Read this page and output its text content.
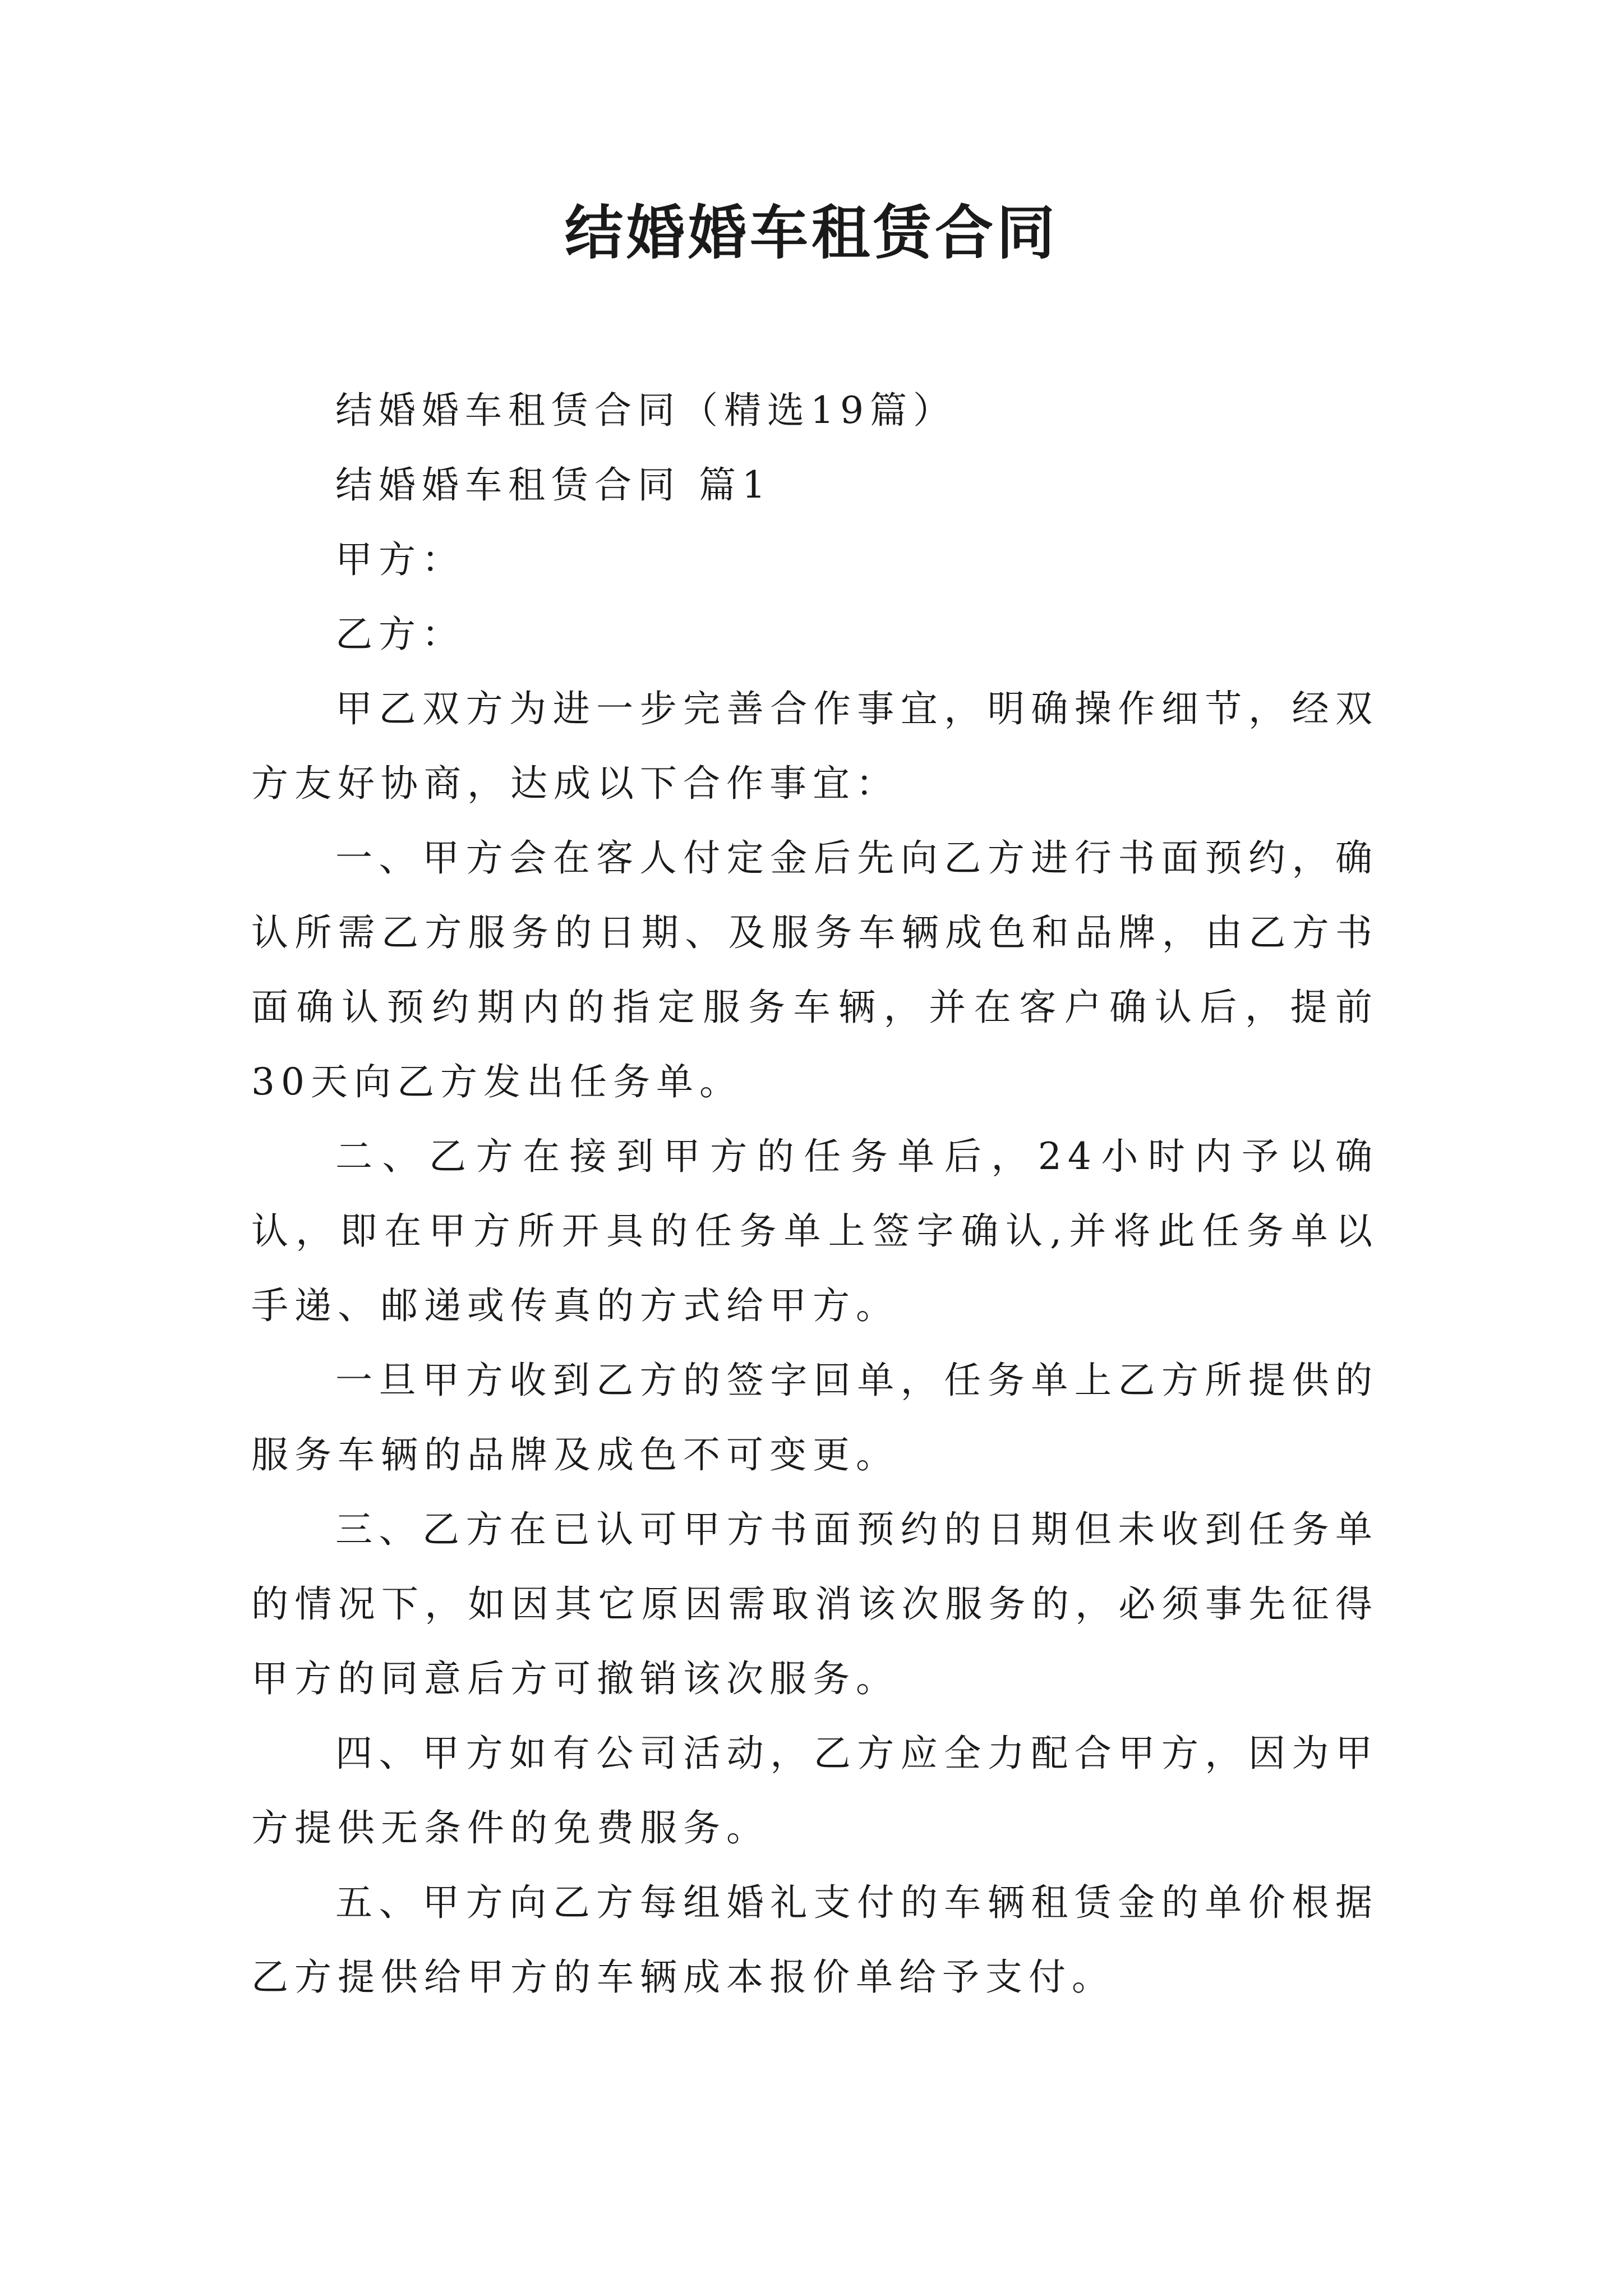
结婚婚车租赁合同

结婚婚车租赁合同（精选19篇）

结婚婚车租赁合同 篇1

甲方：

乙方：

甲乙双方为进一步完善合作事宜，明确操作细节，经双方友好协商，达成以下合作事宜：

一、甲方会在客人付定金后先向乙方进行书面预约，确认所需乙方服务的日期、及服务车辆成色和品牌，由乙方书面确认预约期内的指定服务车辆，并在客户确认后，提前30天向乙方发出任务单。

二、乙方在接到甲方的任务单后，24小时内予以确认，即在甲方所开具的任务单上签字确认,并将此任务单以手递、邮递或传真的方式给甲方。

一旦甲方收到乙方的签字回单，任务单上乙方所提供的服务车辆的品牌及成色不可变更。

三、乙方在已认可甲方书面预约的日期但未收到任务单的情况下，如因其它原因需取消该次服务的，必须事先征得甲方的同意后方可撤销该次服务。

四、甲方如有公司活动，乙方应全力配合甲方，因为甲方提供无条件的免费服务。

五、甲方向乙方每组婚礼支付的车辆租赁金的单价根据乙方提供给甲方的车辆成本报价单给予支付。
